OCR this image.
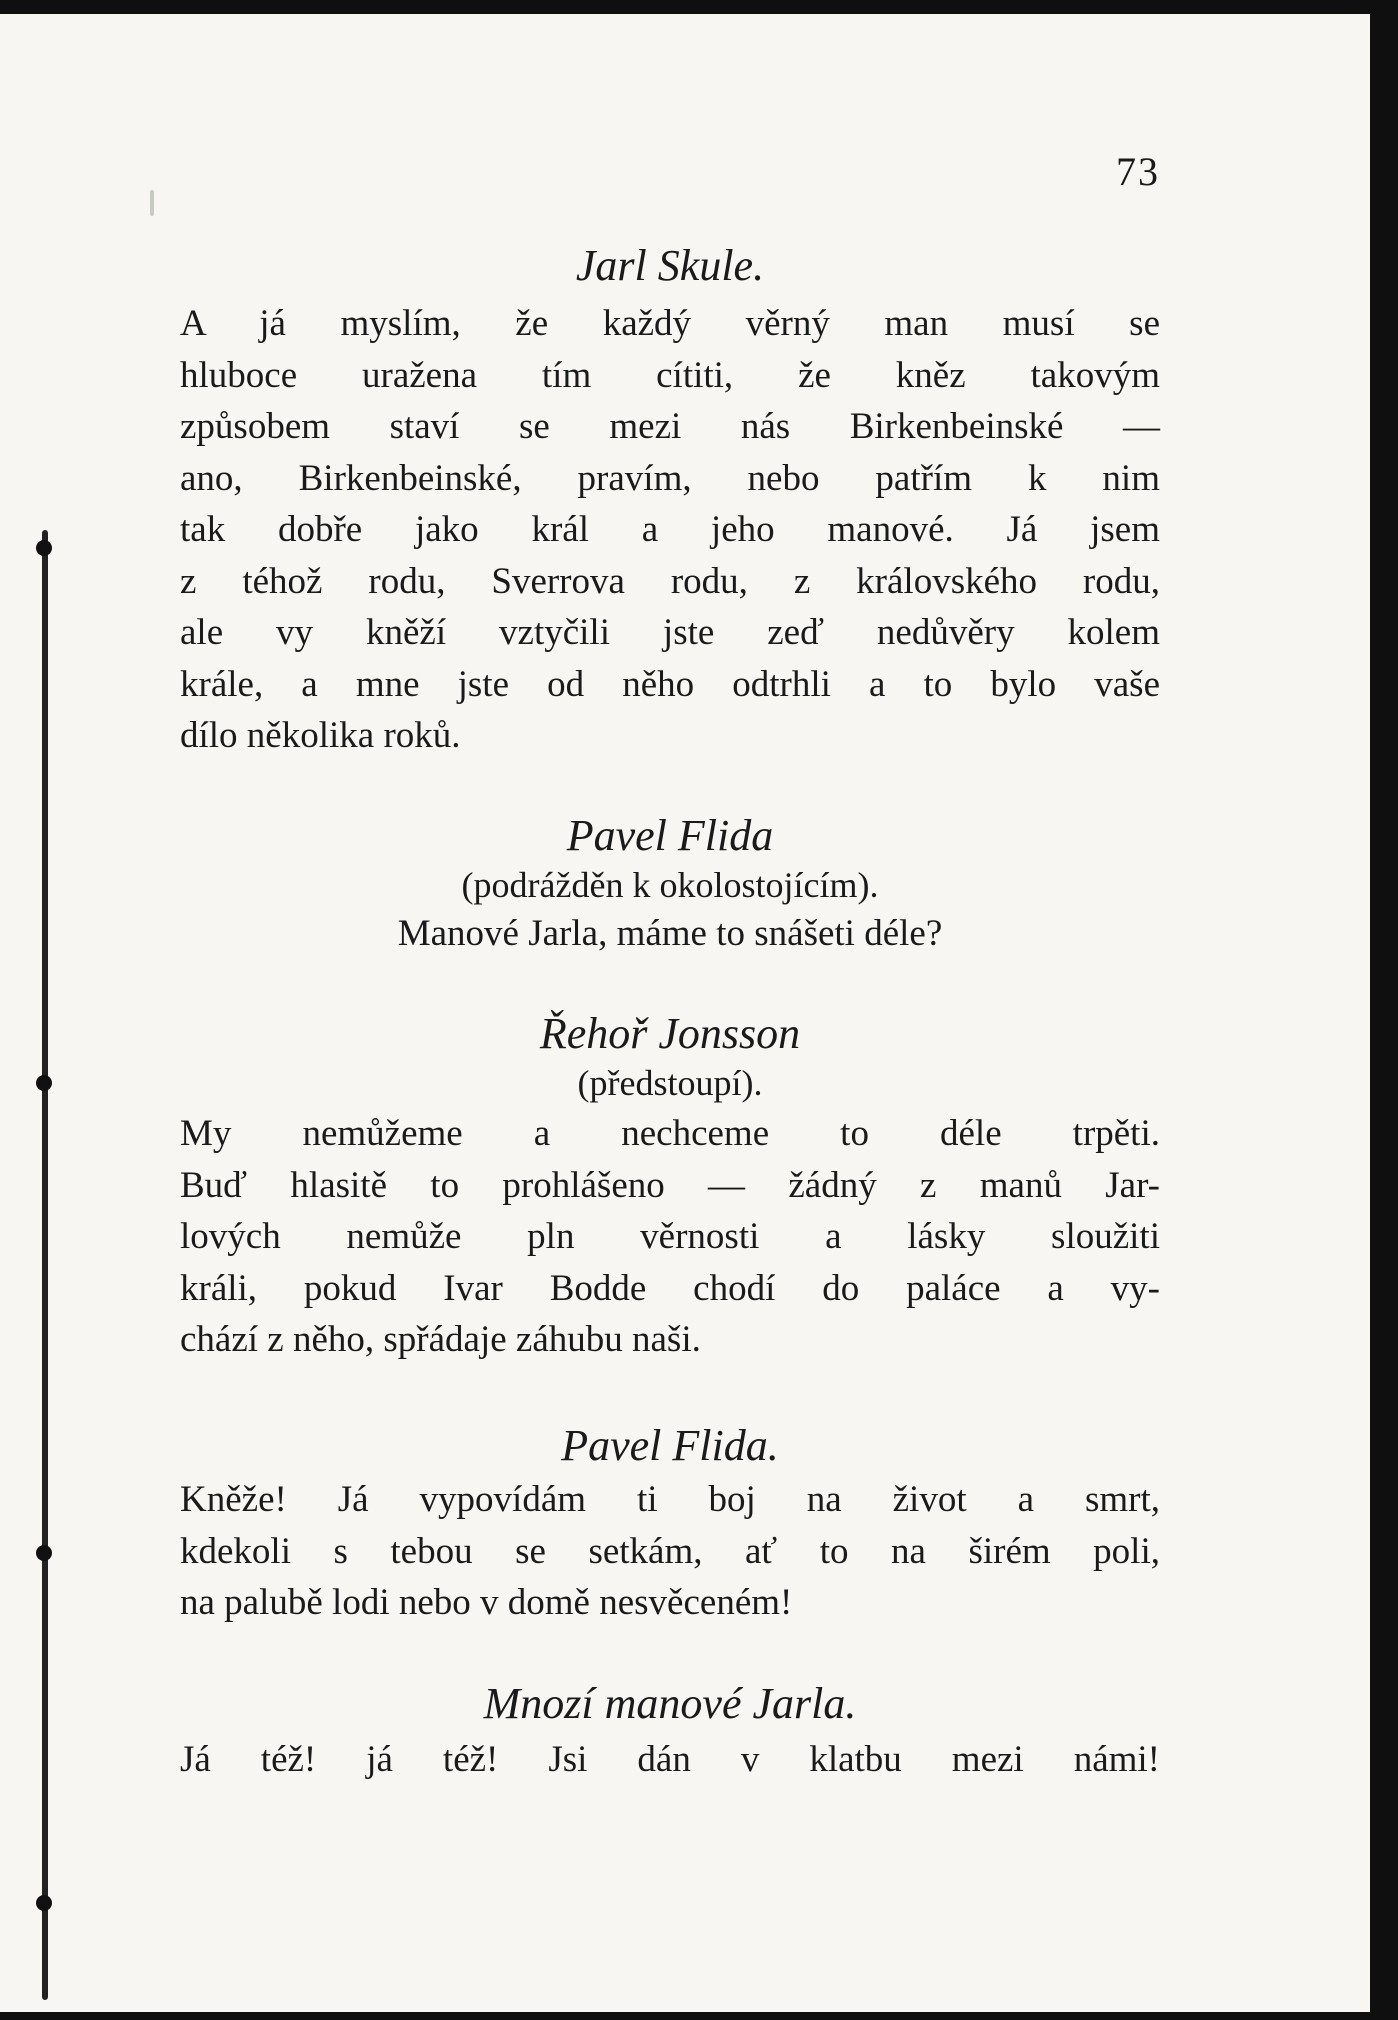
73
Jarl Skule.
A já myslím, že každý věrný man musí se
hluboce uražena tím cítiti, že kněz takovým
způsobem staví se mezi nás Birkenbeinské —
ano, Birkenbeinské, pravím, nebo patřím k nim
tak dobře jako král a jeho manové. Já jsem
z téhož rodu, Sverrova rodu, z královského rodu,
ale vy kněží vztyčili jste zeď nedůvěry kolem
krále, a mne jste od něho odtrhli a to bylo vaše
dílo několika roků.
Pavel Flida
(podrážděn k okolostojícím).
Manové Jarla, máme to snášeti déle?
Řehoř Jonsson
(předstoupí).
My nemůžeme a nechceme to déle trpěti.
Buď hlasitě to prohlášeno — žádný z manů Jar-
lových nemůže pln věrnosti a lásky sloužiti
králi, pokud Ivar Bodde chodí do paláce a vy-
chází z něho, spřádaje záhubu naši.
Pavel Flida.
Kněže! Já vypovídám ti boj na život a smrt,
kdekoli s tebou se setkám, ať to na širém poli,
na palubě lodi nebo v domě nesvěceném!
Mnozí manové Jarla.
Já též! já též! Jsi dán v klatbu mezi námi!
